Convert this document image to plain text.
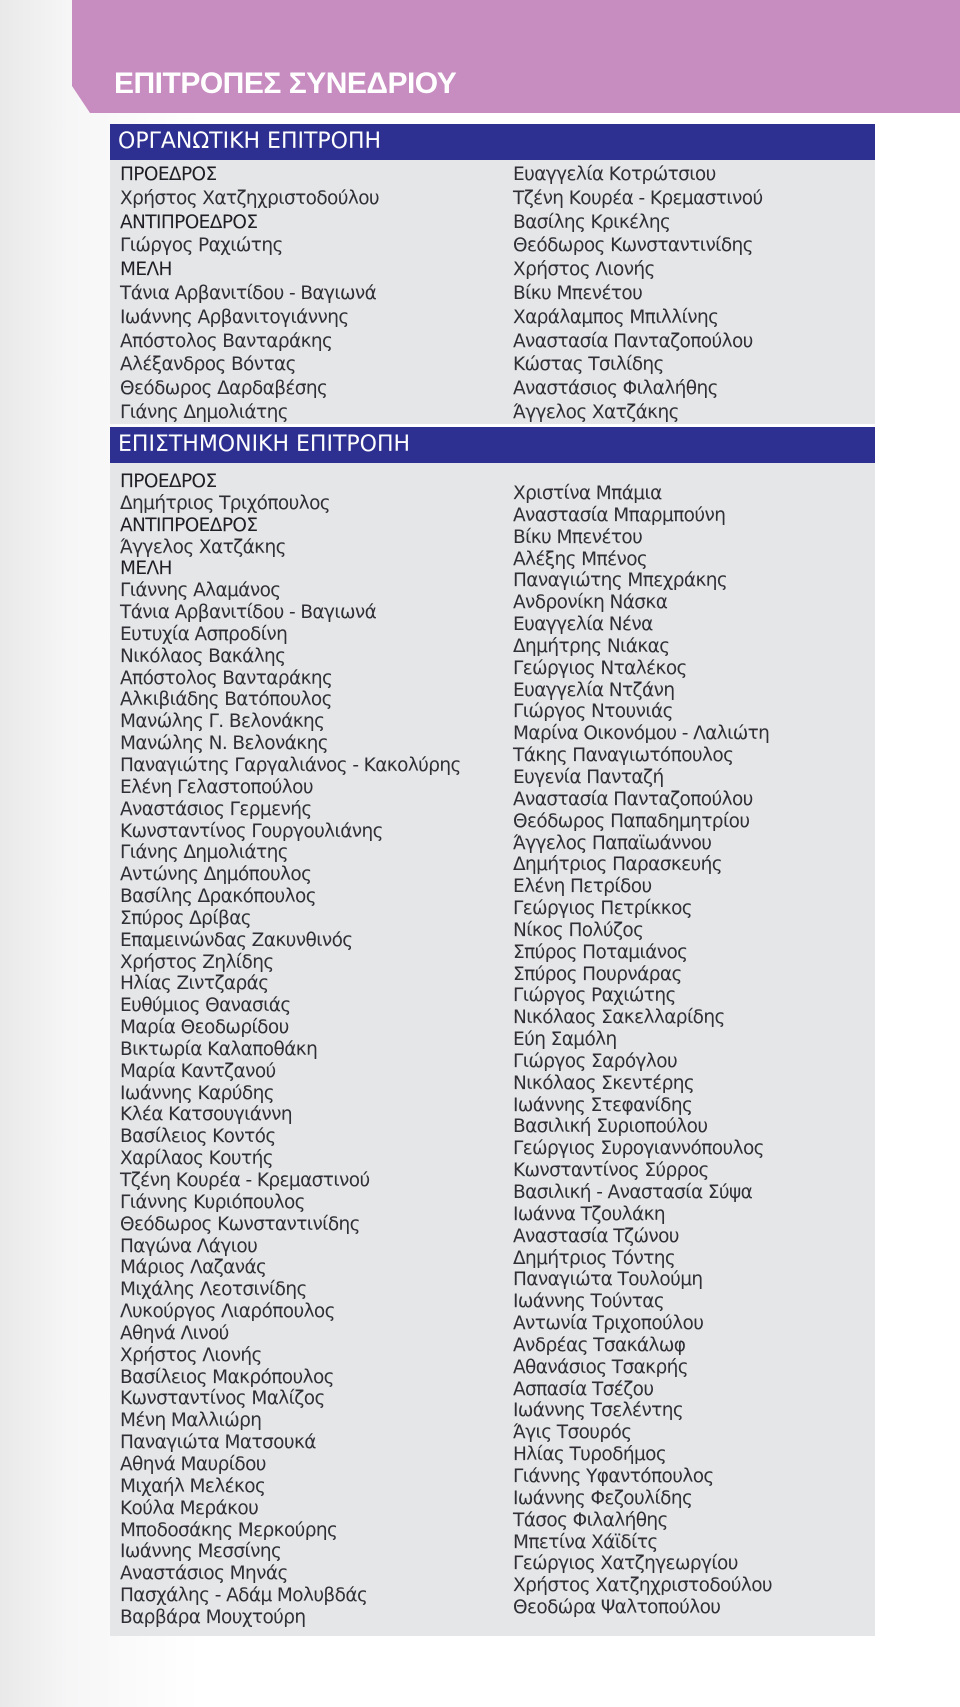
ΕΠΙΤΡΟΠΕΣ ΣΥΝΕΔΡΙΟΥ
ΟΡΓΑΝΩΤΙΚΗ ΕΠΙΤΡΟΠΗ
ΠΡΟΕΔΡΟΣ
Χρήστος Χατζηχριστοδούλου
ΑΝΤΙΠΡΟΕΔΡΟΣ
Γιώργος Ραχιώτης
ΜΕΛΗ
Τάνια Αρβανιτίδου - Βαγιωνά
Ιωάννης Αρβανιτογιάννης
Απόστολος Βανταράκης
Αλέξανδρος Βόντας
Θεόδωρος Δαρδαβέσης
Γιάνης Δημολιάτης
Ευαγγελία Κοτρώτσιου
Τζένη Κουρέα - Κρεμαστινού
Βασίλης Κρικέλης
Θεόδωρος Κωνσταντινίδης
Χρήστος Λιονής
Βίκυ Μπενέτου
Χαράλαμπος Μπιλλίνης
Αναστασία Πανταζοπούλου
Κώστας Τσιλίδης
Αναστάσιος Φιλαλήθης
Άγγελος Χατζάκης
ΕΠΙΣΤΗΜΟΝΙΚΗ ΕΠΙΤΡΟΠΗ
ΠΡΟΕΔΡΟΣ
Δημήτριος Τριχόπουλος
ΑΝΤΙΠΡΟΕΔΡΟΣ
Άγγελος Χατζάκης
ΜΕΛΗ
Γιάννης Αλαμάνος
Τάνια Αρβανιτίδου - Βαγιωνά
Ευτυχία Ασπροδίνη
Νικόλαος Βακάλης
Απόστολος Βανταράκης
Αλκιβιάδης Βατόπουλος
Μανώλης Γ. Βελονάκης
Μανώλης Ν. Βελονάκης
Παναγιώτης Γαργαλιάνος - Κακολύρης
Ελένη Γελαστοπούλου
Αναστάσιος Γερμενής
Κωνσταντίνος Γουργουλιάνης
Γιάνης Δημολιάτης
Αντώνης Δημόπουλος
Βασίλης Δρακόπουλος
Σπύρος Δρίβας
Επαμεινώνδας Ζακυνθινός
Χρήστος Ζηλίδης
Ηλίας Ζιντζαράς
Ευθύμιος Θανασιάς
Μαρία Θεοδωρίδου
Βικτωρία Καλαποθάκη
Μαρία Καντζανού
Ιωάννης Καρύδης
Κλέα Κατσουγιάννη
Βασίλειος Κοντός
Χαρίλαος Κουτής
Τζένη Κουρέα - Κρεμαστινού
Γιάννης Κυριόπουλος
Θεόδωρος Κωνσταντινίδης
Παγώνα Λάγιου
Μάριος Λαζανάς
Μιχάλης Λεοτσινίδης
Λυκούργος Λιαρόπουλος
Αθηνά Λινού
Χρήστος Λιονής
Βασίλειος Μακρόπουλος
Κωνσταντίνος Μαλίζος
Μένη Μαλλιώρη
Παναγιώτα Ματσουκά
Αθηνά Μαυρίδου
Μιχαήλ Μελέκος
Κούλα Μεράκου
Μποδοσάκης Μερκούρης
Ιωάννης Μεσσίνης
Αναστάσιος Μηνάς
Πασχάλης - Αδάμ Μολυβδάς
Βαρβάρα Μουχτούρη
Χριστίνα Μπάμια
Αναστασία Μπαρμπούνη
Βίκυ Μπενέτου
Αλέξης Μπένος
Παναγιώτης Μπεχράκης
Ανδρονίκη Νάσκα
Ευαγγελία Νένα
Δημήτρης Νιάκας
Γεώργιος Νταλέκος
Ευαγγελία Ντζάνη
Γιώργος Ντουνιάς
Μαρίνα Οικονόμου - Λαλιώτη
Τάκης Παναγιωτόπουλος
Ευγενία Πανταζή
Αναστασία Πανταζοπούλου
Θεόδωρος Παπαδημητρίου
Άγγελος Παπαϊωάννου
Δημήτριος Παρασκευής
Ελένη Πετρίδου
Γεώργιος Πετρίκκος
Νίκος Πολύζος
Σπύρος Ποταμιάνος
Σπύρος Πουρνάρας
Γιώργος Ραχιώτης
Νικόλαος Σακελλαρίδης
Εύη Σαμόλη
Γιώργος Σαρόγλου
Νικόλαος Σκεντέρης
Ιωάννης Στεφανίδης
Βασιλική Συριοπούλου
Γεώργιος Συρογιαννόπουλος
Κωνσταντίνος Σύρρος
Βασιλική - Αναστασία Σύψα
Ιωάννα Τζουλάκη
Αναστασία Τζώνου
Δημήτριος Τόντης
Παναγιώτα Τουλούμη
Ιωάννης Τούντας
Αντωνία Τριχοπούλου
Ανδρέας Τσακάλωφ
Αθανάσιος Τσακρής
Ασπασία Τσέζου
Ιωάννης Τσελέντης
Άγις Τσουρός
Ηλίας Τυροδήμος
Γιάννης Υφαντόπουλος
Ιωάννης Φεζουλίδης
Τάσος Φιλαλήθης
Μπετίνα Χάϊδίτς
Γεώργιος Χατζηγεωργίου
Χρήστος Χατζηχριστοδούλου
Θεοδώρα Ψαλτοπούλου
